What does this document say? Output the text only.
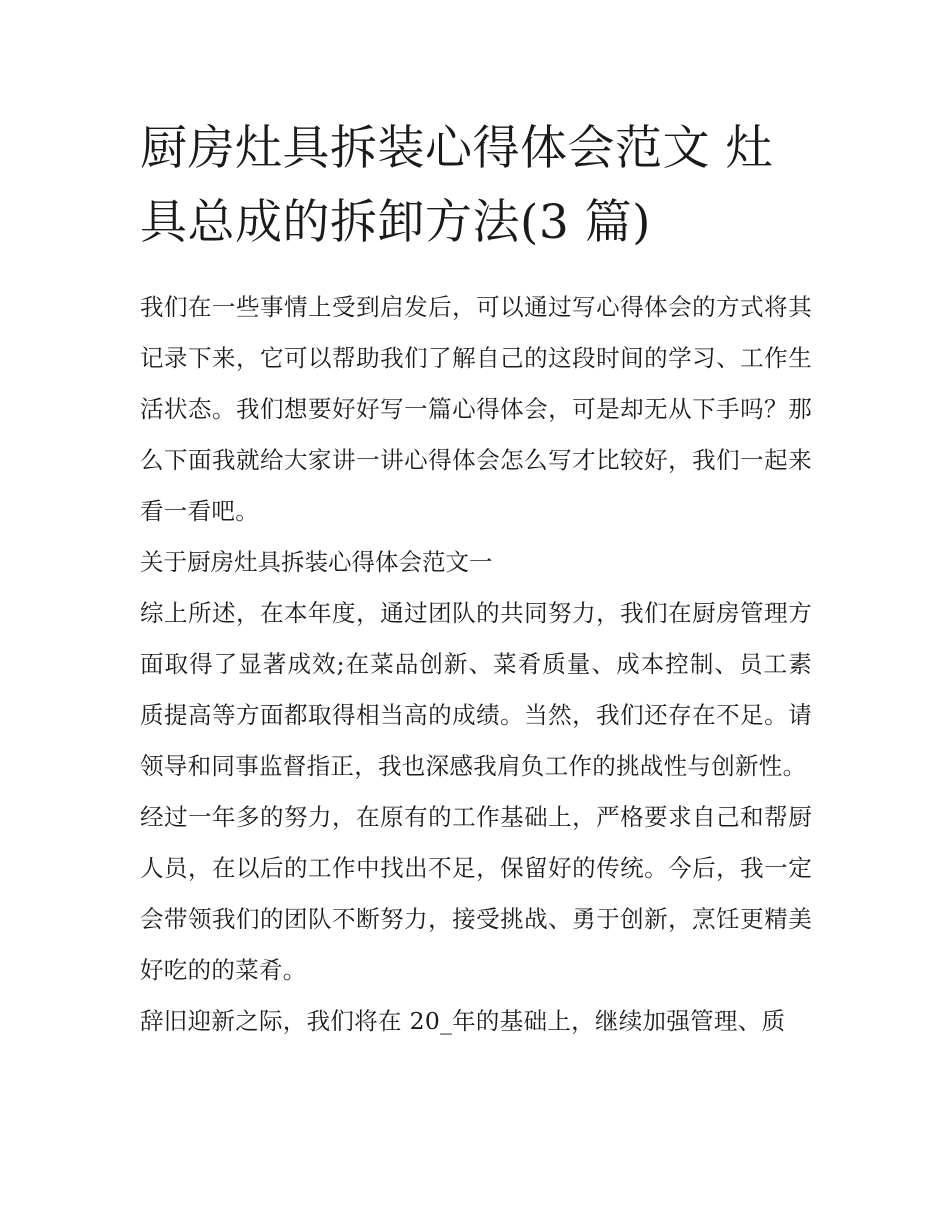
厨房灶具拆装心得体会范文 灶具总成的拆卸方法(3 篇)

我们在一些事情上受到启发后，可以通过写心得体会的方式将其记录下来，它可以帮助我们了解自己的这段时间的学习、工作生活状态。我们想要好好写一篇心得体会，可是却无从下手吗？那么下面我就给大家讲一讲心得体会怎么写才比较好，我们一起来看一看吧。

关于厨房灶具拆装心得体会范文一

综上所述，在本年度，通过团队的共同努力，我们在厨房管理方面取得了显著成效;在菜品创新、菜肴质量、成本控制、员工素质提高等方面都取得相当高的成绩。当然，我们还存在不足。请领导和同事监督指正，我也深感我肩负工作的挑战性与创新性。

经过一年多的努力，在原有的工作基础上，严格要求自己和帮厨人员，在以后的工作中找出不足，保留好的传统。今后，我一定会带领我们的团队不断努力，接受挑战、勇于创新，烹饪更精美好吃的的菜肴。

辞旧迎新之际，我们将在 20_年的基础上，继续加强管理、质
